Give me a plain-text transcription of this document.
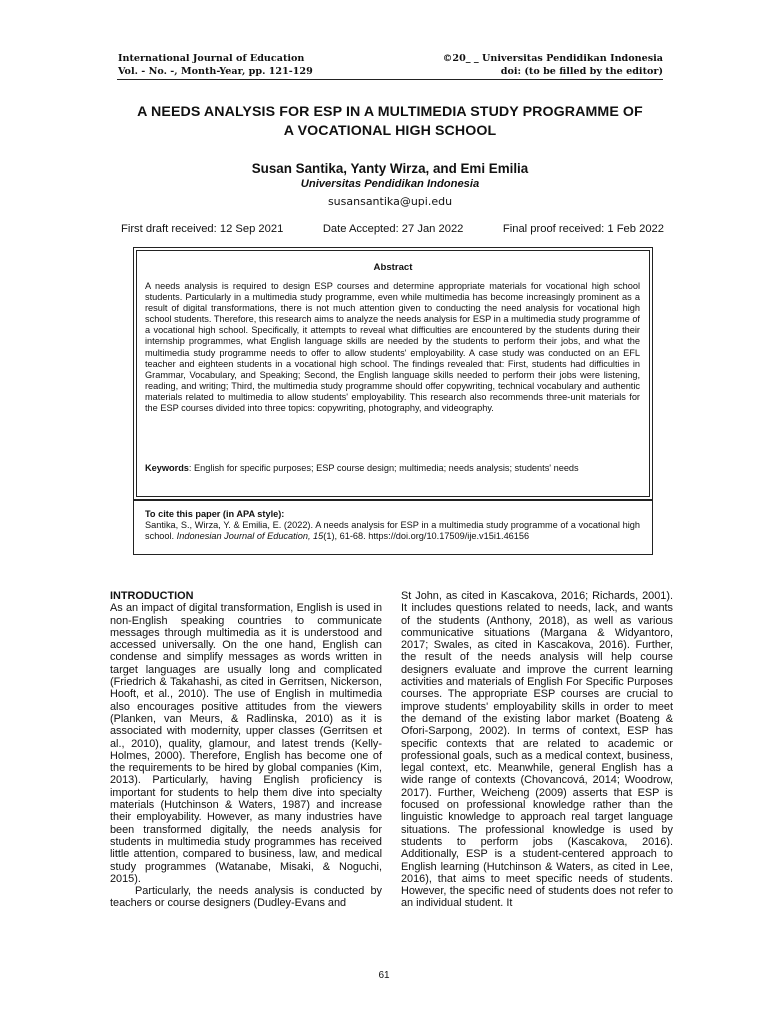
International Journal of Education
Vol. - No. -, Month-Year, pp. 121-129
©20_ _ Universitas Pendidikan Indonesia
doi: (to be filled by the editor)
A NEEDS ANALYSIS FOR ESP IN A MULTIMEDIA STUDY PROGRAMME OF
A VOCATIONAL HIGH SCHOOL
Susan Santika, Yanty Wirza, and Emi Emilia
Universitas Pendidikan Indonesia
susansantika@upi.edu
First draft received: 12 Sep 2021	Date Accepted: 27 Jan 2022	Final proof received: 1 Feb 2022
Abstract
A needs analysis is required to design ESP courses and determine appropriate materials for vocational high school students. Particularly in a multimedia study programme, even while multimedia has become increasingly prominent as a result of digital transformations, there is not much attention given to conducting the need analysis for vocational high school students. Therefore, this research aims to analyze the needs analysis for ESP in a multimedia study programme of a vocational high school. Specifically, it attempts to reveal what difficulties are encountered by the students during their internship programmes, what English language skills are needed by the students to perform their jobs, and what the multimedia study programme needs to offer to allow students' employability. A case study was conducted on an EFL teacher and eighteen students in a vocational high school. The findings revealed that: First, students had difficulties in Grammar, Vocabulary, and Speaking; Second, the English language skills needed to perform their jobs were listening, reading, and writing; Third, the multimedia study programme should offer copywriting, technical vocabulary and authentic materials related to multimedia to allow students' employability. This research also recommends three-unit materials for the ESP courses divided into three topics: copywriting, photography, and videography.
Keywords: English for specific purposes; ESP course design; multimedia; needs analysis; students' needs
To cite this paper (in APA style):
Santika, S., Wirza, Y. & Emilia, E. (2022). A needs analysis for ESP in a multimedia study programme of a vocational high school. Indonesian Journal of Education, 15(1), 61-68. https://doi.org/10.17509/ije.v15i1.46156

INTRODUCTION

As an impact of digital transformation, English is used in non-English speaking countries to communicate messages through multimedia as it is understood and accessed universally. On the one hand, English can condense and simplify messages as words written in target languages are usually long and complicated (Friedrich & Takahashi, as cited in Gerritsen, Nickerson, Hooft, et al., 2010). The use of English in multimedia also encourages positive attitudes from the viewers (Planken, van Meurs, & Radlinska, 2010) as it is associated with modernity, upper classes (Gerritsen et al., 2010), quality, glamour, and latest trends (Kelly-Holmes, 2000). Therefore, English has become one of the requirements to be hired by global companies (Kim, 2013). Particularly, having English proficiency is important for students to help them dive into specialty materials (Hutchinson & Waters, 1987) and increase their employability. However, as many industries have been transformed digitally, the needs analysis for students in multimedia study programmes has received little attention, compared to business, law, and medical study programmes (Watanabe, Misaki, & Noguchi, 2015).

Particularly, the needs analysis is conducted by teachers or course designers (Dudley-Evans and

St John, as cited in Kascakova, 2016; Richards, 2001). It includes questions related to needs, lack, and wants of the students (Anthony, 2018), as well as various communicative situations (Margana & Widyantoro, 2017; Swales, as cited in Kascakova, 2016). Further, the result of the needs analysis will help course designers evaluate and improve the current learning activities and materials of English For Specific Purposes courses. The appropriate ESP courses are crucial to improve students' employability skills in order to meet the demand of the existing labor market (Boateng & Ofori-Sarpong, 2002). In terms of context, ESP has specific contexts that are related to academic or professional goals, such as a medical context, business, legal context, etc. Meanwhile, general English has a wide range of contexts (Chovancová, 2014; Woodrow, 2017). Further, Weicheng (2009) asserts that ESP is focused on professional knowledge rather than the linguistic knowledge to approach real target language situations. The professional knowledge is used by students to perform jobs (Kascakova, 2016). Additionally, ESP is a student-centered approach to English learning (Hutchinson & Waters, as cited in Lee, 2016), that aims to meet specific needs of students. However, the specific need of students does not refer to an individual student. It

61
